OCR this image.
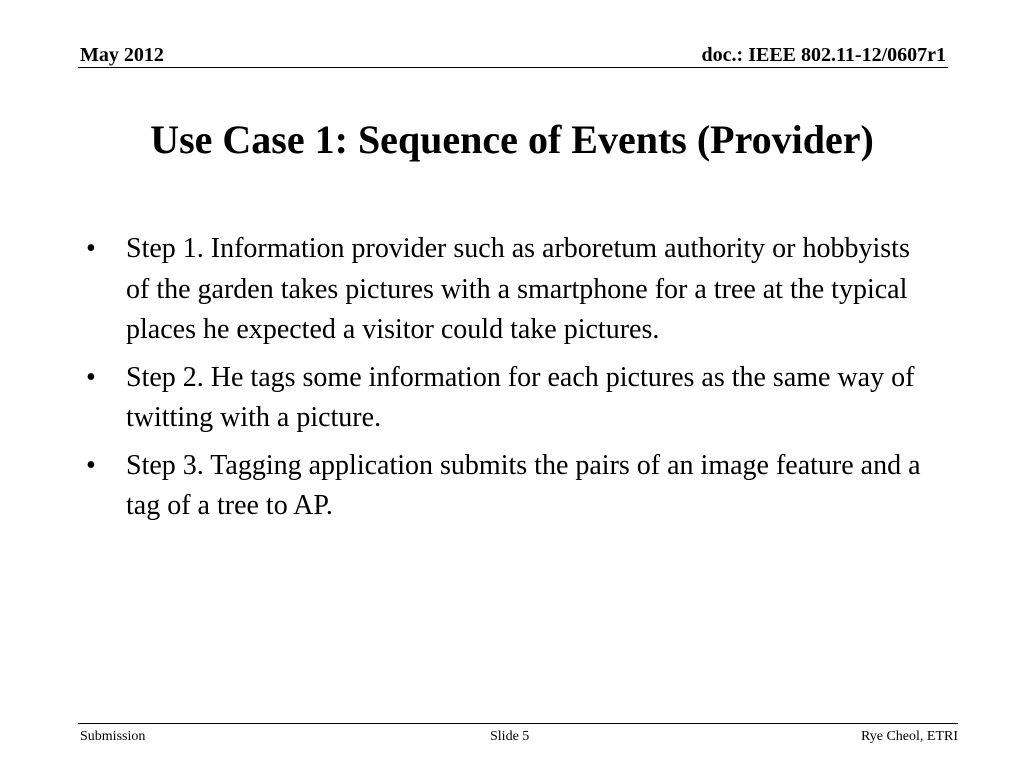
May 2012	doc.: IEEE 802.11-12/0607r1
Use Case 1: Sequence of Events (Provider)
• Step 1. Information provider such as arboretum authority or hobbyists of the garden takes pictures with a smartphone for a tree at the typical places he expected a visitor could take pictures.
• Step 2. He tags some information for each pictures as the same way of twitting with a picture.
• Step 3. Tagging application submits the pairs of an image feature and a tag of a tree to AP.
Submission	Slide 5	Rye Cheol, ETRI
